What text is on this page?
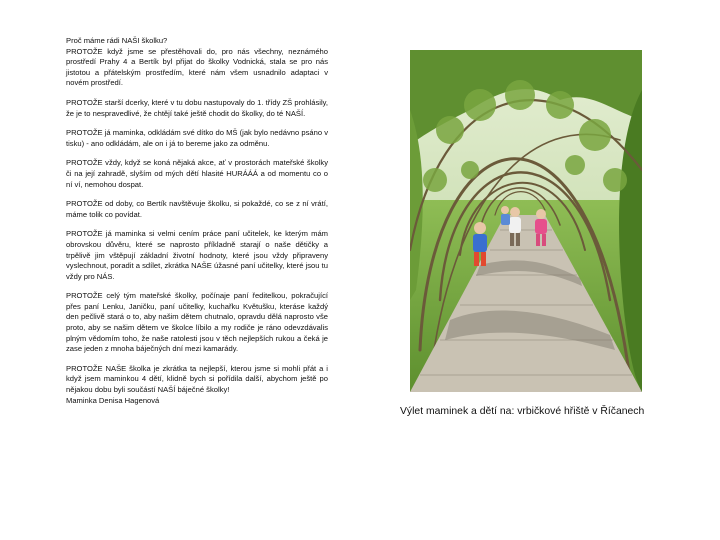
Proč máme rádi NAŠI školku?
PROTOŽE když jsme se přestěhovali do, pro nás všechny, neznámého prostředí Prahy 4 a Bertík byl přijat do školky Vodnická, stala se pro nás jistotou a přátelským prostředím, které nám všem usnadnilo adaptaci v novém prostředí.

PROTOŽE starší dcerky, které v tu dobu nastupovaly do 1. třídy ZŠ prohlásily, že je to nespravedlivé, že chtějí také ještě chodit do školky, do té NAŠÍ.

PROTOŽE já maminka, odkládám své dítko do MŠ (jak bylo nedávno psáno v tisku) - ano odkládám, ale on i já to bereme jako za odměnu.

PROTOŽE vždy, když se koná nějaká akce, ať v prostorách mateřské školky či na její zahradě, slyším od mých dětí hlasité HURÁÁÁ a od momentu co o ní ví, nemohou dospat.

PROTOŽE od doby, co Bertík navštěvuje školku, si pokaždé, co se z ní vrátí, máme tolik co povídat.

PROTOŽE já maminka si velmi cením práce paní učitelek, ke kterým mám obrovskou důvěru, které se naprosto příkladně starají o naše dětičky a trpělivě jim vštěpují základní životní hodnoty, které jsou vždy připraveny vyslechnout, poradit a sdílet, zkrátka NAŠE úžasné paní učitelky, které jsou tu vždy pro NÁS.

PROTOŽE celý tým mateřské školky, počínaje paní ředitelkou, pokračující přes paní Lenku, Janičku, paní učitelky, kuchařku Květušku, kteráse každý den pečlivě stará o to, aby našim dětem chutnalo, opravdu dělá naprosto vše proto, aby se našim dětem ve školce líbilo a my rodiče je ráno odevzdávalis plným vědomím toho, že naše ratolesti jsou v těch nejlepších rukou a čeká je zase jeden z mnoha báječných dní mezi kamarády.

PROTOŽE NAŠE školka je zkrátka ta nejlepší, kterou jsme si mohli přát a i když jsem maminkou 4 dětí, klidně bych si pořídila další, abychom ještě po nějakou dobu byli součástí NAŠÍ báječné školky!
Maminka Denisa Hagenová

Výlet maminek a dětí na: vrbičkové hřiště v Říčanech
